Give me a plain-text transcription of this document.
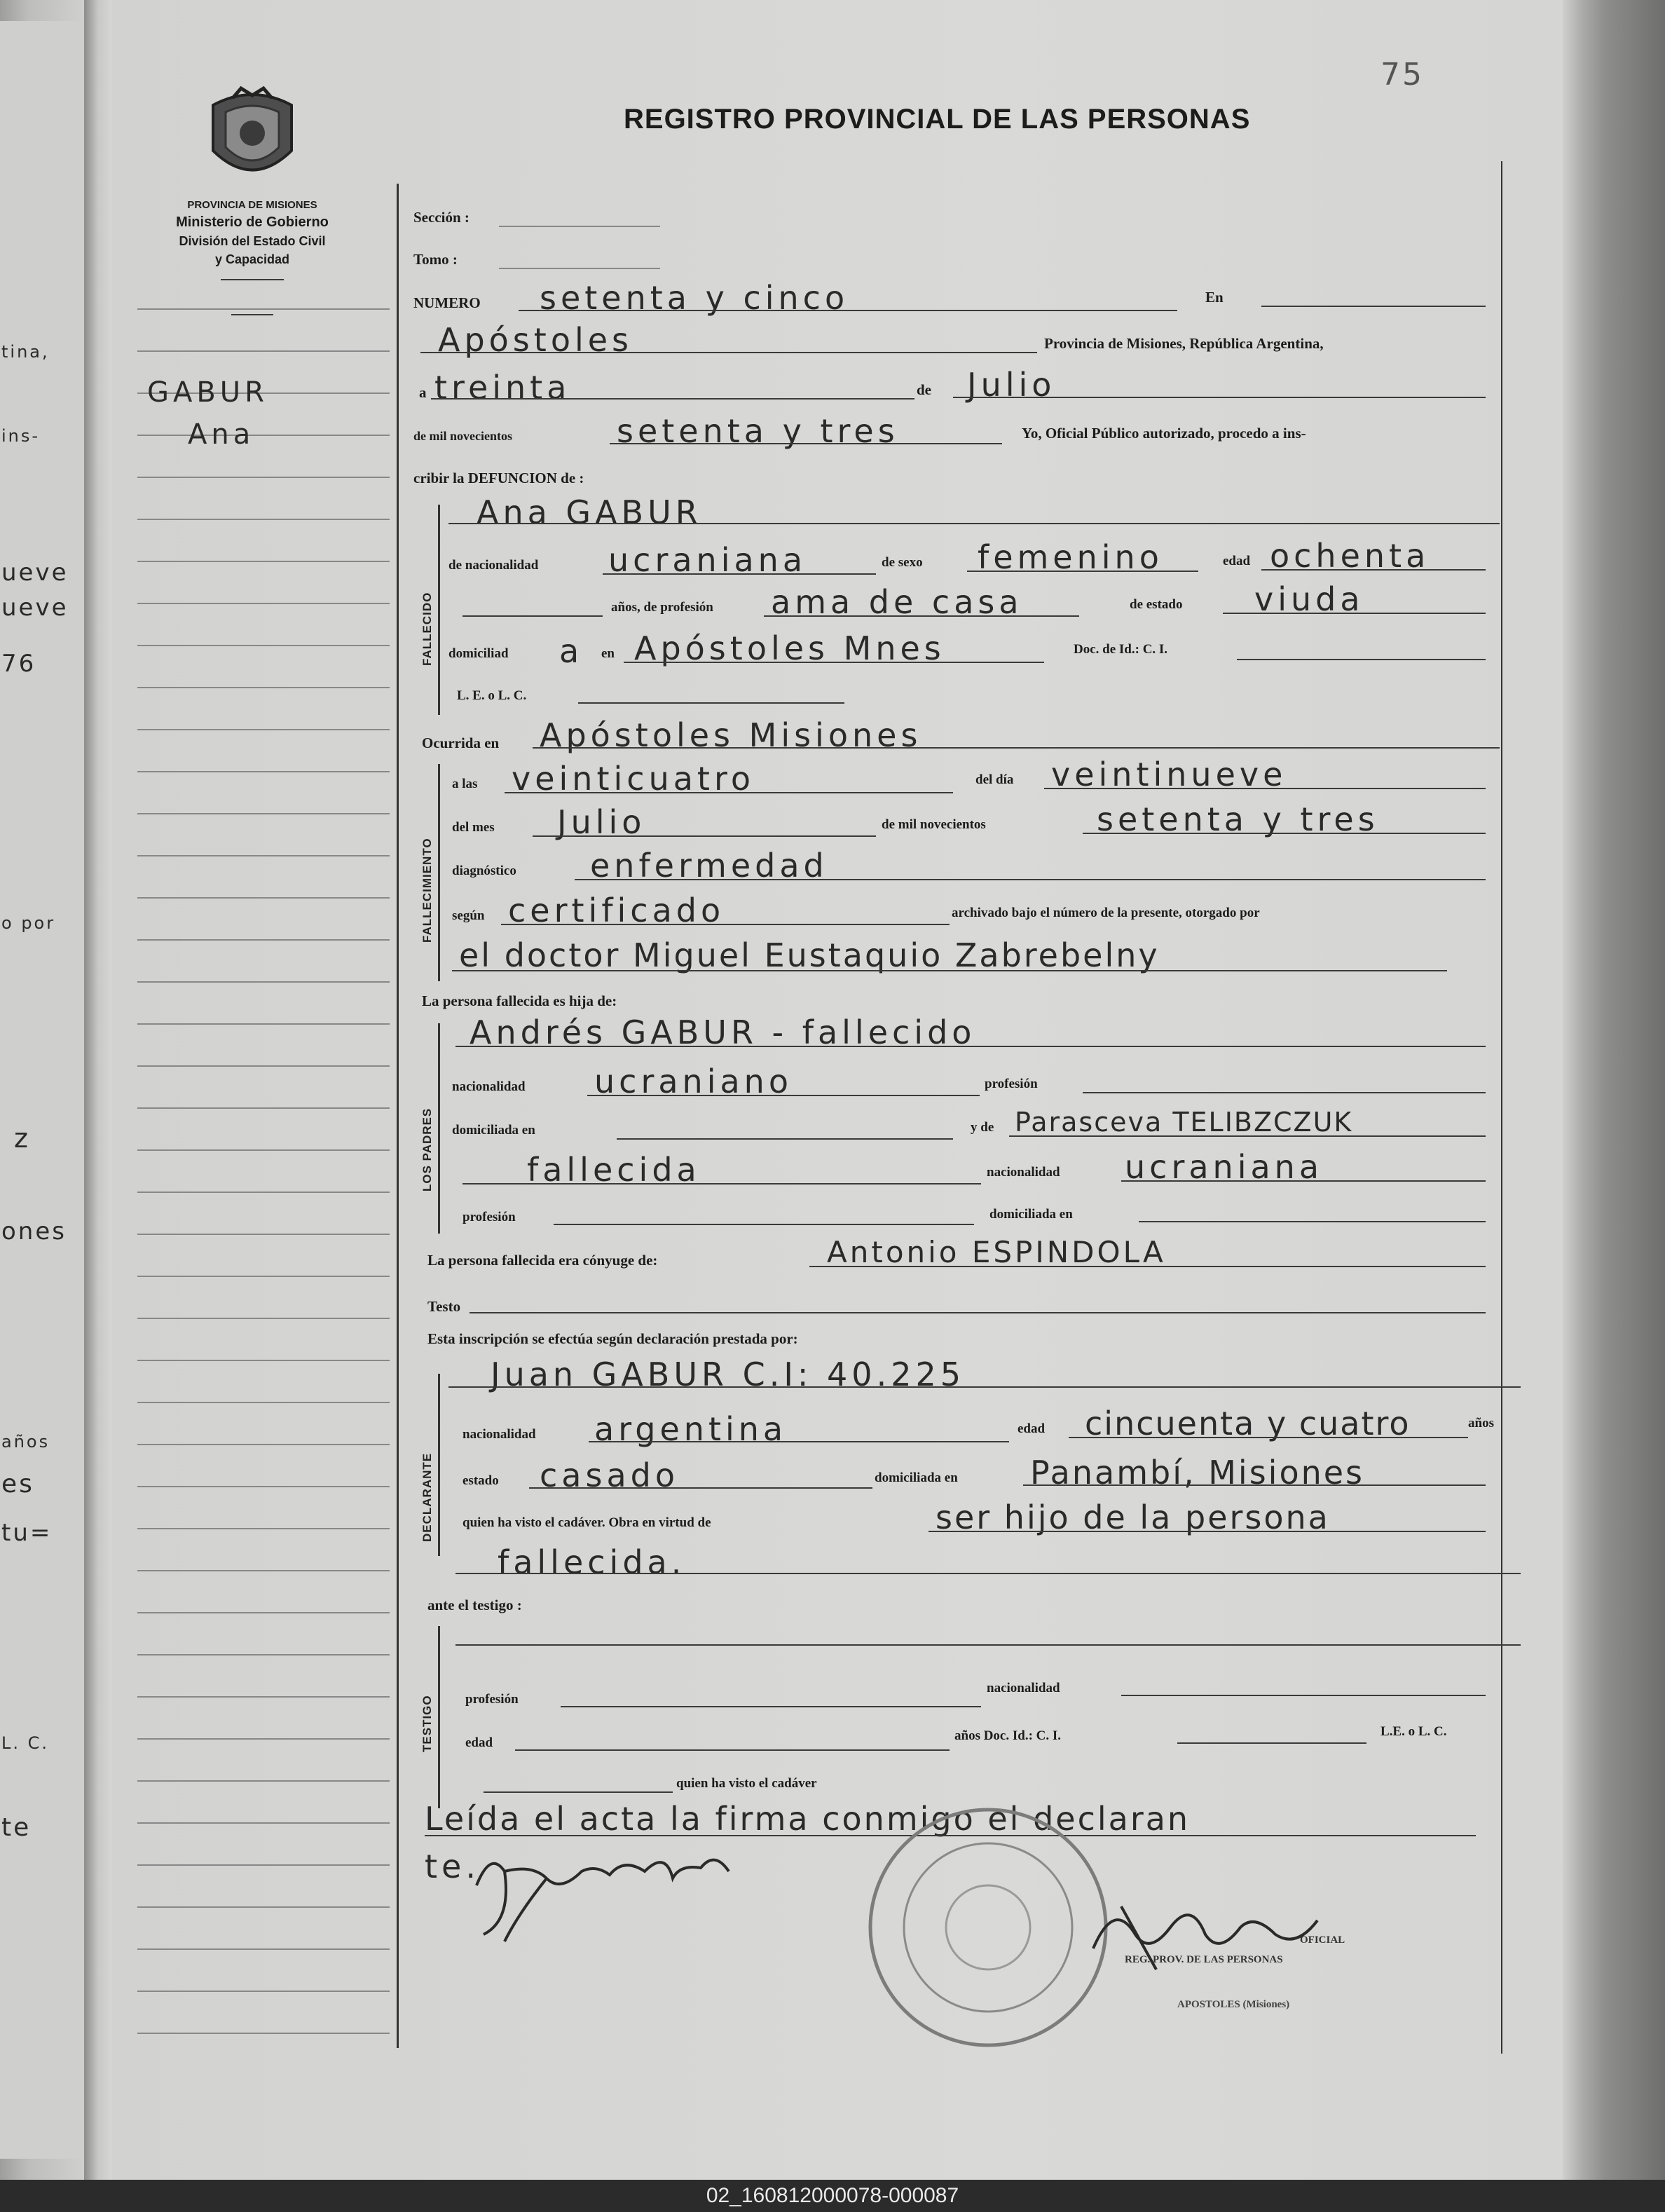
tina,
ins-
ueve
ueve
76
o por
z
ones
años
es
tu=
L. C.
te
75
PROVINCIA DE MISIONES
Ministerio de Gobierno
División del Estado Civil
y Capacidad
GABUR
Ana
REGISTRO PROVINCIAL DE LAS PERSONAS
Sección :
Tomo :
NUMERO setenta y cinco	En
Apóstoles	Provincia de Misiones, República Argentina,
a treinta	de Julio
de mil novecientos	setenta y tres	Yo, Oficial Público autorizado, procedo a ins-
cribir la DEFUNCION de :
FALLECIDO
Ana GABUR
de nacionalidad ucraniana	de sexo femenino	edad ochenta
años, de profesión ama de casa	de estado viuda
domiciliad a en Apóstoles Mnes	Doc. de Id.: C. I.
L. E. o L. C.
Ocurrida en Apóstoles Misiones
FALLECIMIENTO
a las veinticuatro	del día veintinueve
del mes Julio	de mil novecientos	setenta y tres
diagnóstico enfermedad
según certificado	archivado bajo el número de la presente, otorgado por
el doctor Miguel Eustaquio Zabrebelny
La persona fallecida es hija de:
LOS PADRES
Andrés GABUR - fallecido
nacionalidad ucraniano	profesión
domiciliada en	y de Parasceva TELIBZCZUK
fallecida	nacionalidad ucraniana
profesión	domiciliada en
La persona fallecida era cónyuge de:	Antonio ESPINDOLA
Testo
Esta inscripción se efectúa según declaración prestada por:
DECLARANTE
Juan GABUR C.I: 40.225
nacionalidad argentina	edad cincuenta y cuatro	años
estado casado	domiciliada en Panambí, Misiones
quien ha visto el cadáver. Obra en virtud de	ser hijo de la persona
fallecida.
ante el testigo :
TESTIGO profesión
nacionalidad
edad	años Doc. Id.: C. I.	L.E. o L. C.
quien ha visto el cadáver
Leída el acta la firma conmigo el declaran
te.
OFICIAL
REG. PROV. DE LAS PERSONAS
APOSTOLES (Misiones)
02_160812000078-000087
